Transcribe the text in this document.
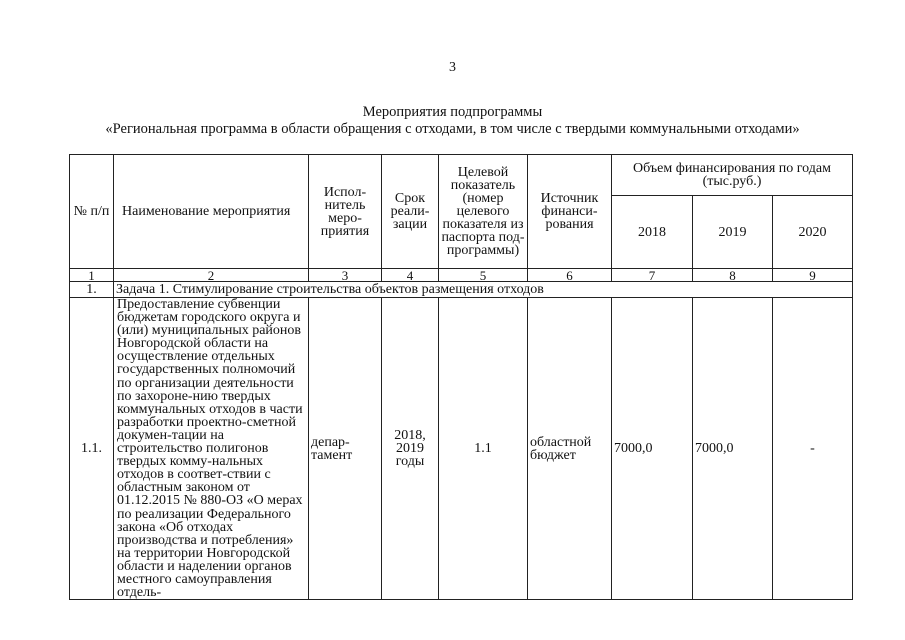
3
Мероприятия подпрограммы
«Региональная программа в области обращения с отходами, в том числе с твердыми коммунальными отходами»
№ п/п	Наименование мероприятия	Испол-нитель меро-приятия	Срок реали-зации	Целевой показатель (номер целевого показателя из паспорта под-программы)	Источник финанси-рования	Объем финансирования по годам (тыс.руб.)		
						2018	2019	2020
1	2	3	4	5	6	7	8	9
1.	Задача 1. Стимулирование строительства объектов размещения отходов							
1.1.	Предоставление субвенции бюджетам городского округа и (или) муниципальных районов Новгородской области на осуществление отдельных государственных полномочий по организации деятельности по захороне-нию твердых коммунальных отходов в части разработки проектно-сметной докумен-тации на строительство полигонов твердых комму-нальных отходов в соответ-ствии с областным законом от 01.12.2015 № 880-ОЗ «О мерах по реализации Федерального закона «Об отходах производства и потребления» на территории Новгородской области и наделении органов местного самоуправления отдель-	депар-тамент	2018, 2019 годы	1.1	областной бюджет	7000,0	7000,0	-
